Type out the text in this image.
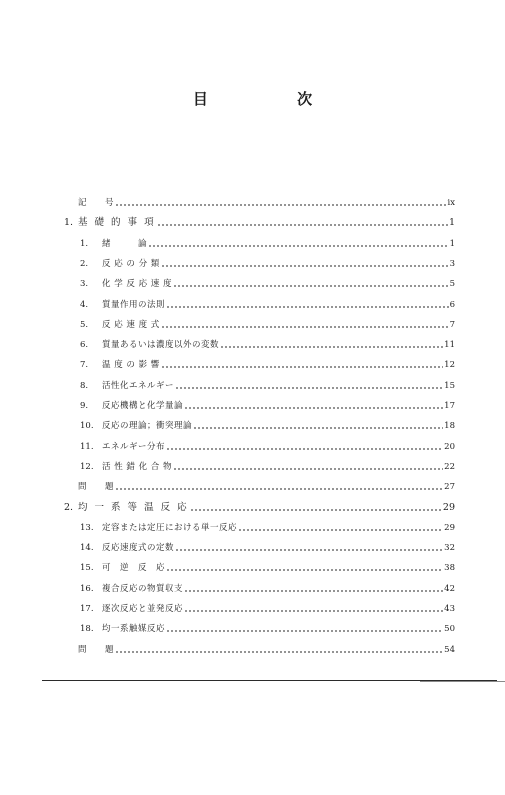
目 次
記　　号	ix
1. 基 礎 的 事 項	1
1.	緒　　　論	1
2.	反 応 の 分 類	3
3.	化 学 反 応 速 度	5
4.	質量作用の法則	6
5.	反 応 速 度 式	7
6.	質量あるいは濃度以外の変数	11
7.	温 度 の 影 響	12
8.	活性化エネルギー	15
9.	反応機構と化学量論	17
10. 反応の理論；衝突理論	18
11. エネルギー分布	20
12. 活 性 錯 化 合 物	22
問　　題	27
2. 均 一 系 等 温 反 応	29
13. 定容または定圧における単一反応	29
14. 反応速度式の定数	32
15. 可　逆　反　応	38
16. 複合反応の物質収支	42
17. 逐次反応と並発反応	43
18. 均一系触媒反応	50
問　　題	54
